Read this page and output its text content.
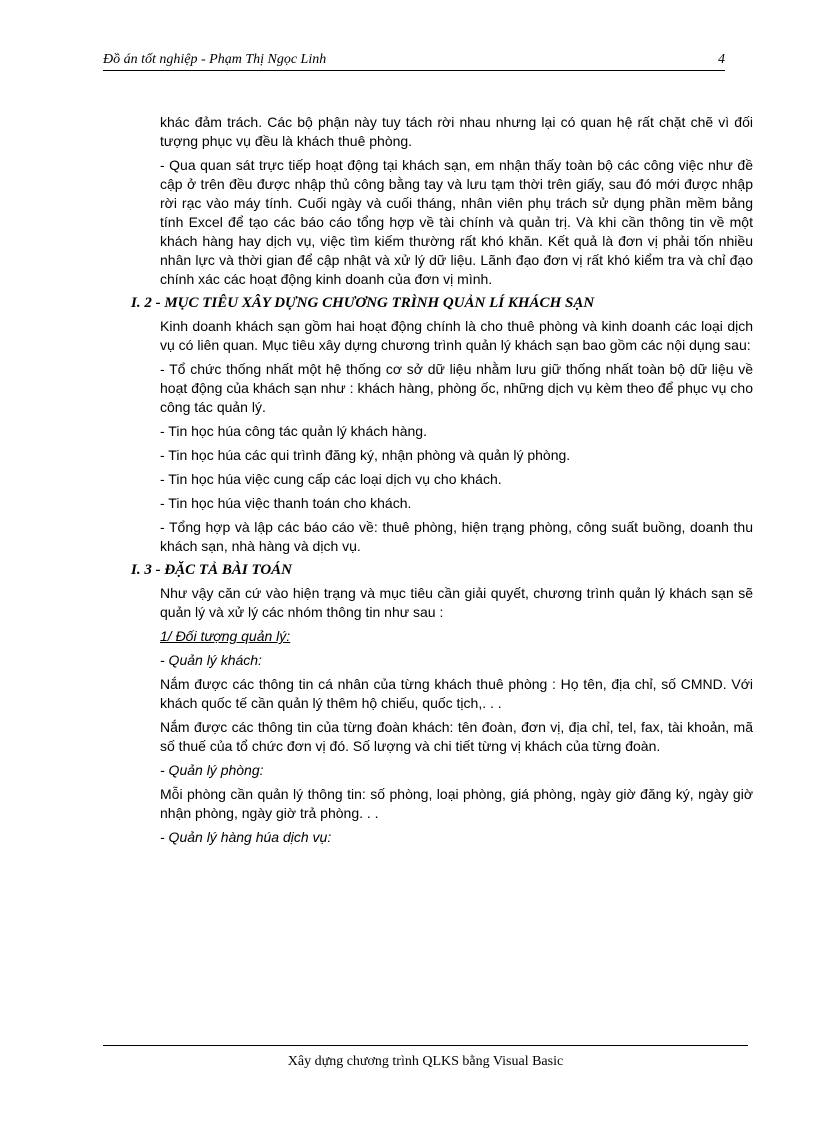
Đồ án tốt nghiệp - Phạm Thị Ngọc Linh	4

khác đảm trách. Các bộ phận này tuy tách rời nhau nhưng lại có quan hệ rất chặt chẽ vì đối tượng phục vụ đều là khách thuê phòng.

- Qua quan sát trực tiếp hoạt động tại khách sạn, em nhận thấy toàn bộ các công việc như đề cập ở trên đều được nhập thủ công bằng tay và lưu tạm thời trên giấy, sau đó mới được nhập rời rạc vào máy tính. Cuối ngày và cuối tháng, nhân viên phụ trách sử dụng phần mềm bảng tính Excel để tạo các báo cáo tổng hợp về tài chính và quản trị. Và khi cần thông tin về một khách hàng hay dịch vụ, việc tìm kiếm thường rất khó khăn. Kết quả là đơn vị phải tốn nhiều nhân lực và thời gian để cập nhật và xử lý dữ liệu. Lãnh đạo đơn vị rất khó kiểm tra và chỉ đạo chính xác các hoạt động kinh doanh của đơn vị mình.

I. 2 - MỤC TIÊU XÂY DỰNG CHƯƠNG TRÌNH QUẢN LÍ KHÁCH SẠN

Kinh doanh khách sạn gồm hai hoạt động chính là cho thuê phòng và kinh doanh các loại dịch vụ có liên quan. Mục tiêu xây dựng chương trình quản lý khách sạn bao gồm các nội dụng sau:

- Tổ chức thống nhất một hệ thống cơ sở dữ liệu nhằm lưu giữ thống nhất toàn bộ dữ liệu về hoạt động của khách sạn như : khách hàng, phòng ốc, những dịch vụ kèm theo để phục vụ cho công tác quản lý.

- Tin học húa công tác quản lý khách hàng.

- Tin học húa các qui trình đăng ký, nhận phòng và quản lý phòng.

- Tin học húa việc cung cấp các loại dịch vụ cho khách.

- Tin học húa việc thanh toán cho khách.

- Tổng hợp và lập các báo cáo về: thuê phòng, hiện trạng phòng, công suất buồng, doanh thu khách sạn, nhà hàng và dịch vụ.

I. 3 - ĐẶC TẢ BÀI TOÁN

Như vậy căn cứ vào hiện trạng và mục tiêu cần giải quyết, chương trình quản lý khách sạn sẽ quản lý và xử lý các nhóm thông tin như sau :

1/ Đối tượng quản lý:

- Quản lý khách:

Nắm được các thông tin cá nhân của từng khách thuê phòng : Họ tên, địa chỉ, số CMND. Với khách quốc tế cần quản lý thêm hộ chiếu, quốc tịch,. . .

Nắm được các thông tin của từng đoàn khách: tên đoàn, đơn vị, địa chỉ, tel, fax, tài khoản, mã số thuế của tổ chức đơn vị đó. Số lượng và chi tiết từng vị khách của từng đoàn.

- Quản lý phòng:

Mỗi phòng cần quản lý thông tin: số phòng, loại phòng, giá phòng, ngày giờ đăng ký, ngày giờ nhận phòng, ngày giờ trả phòng. . .

- Quản lý hàng húa dịch vụ:

Xây dựng chương trình QLKS bằng Visual Basic
